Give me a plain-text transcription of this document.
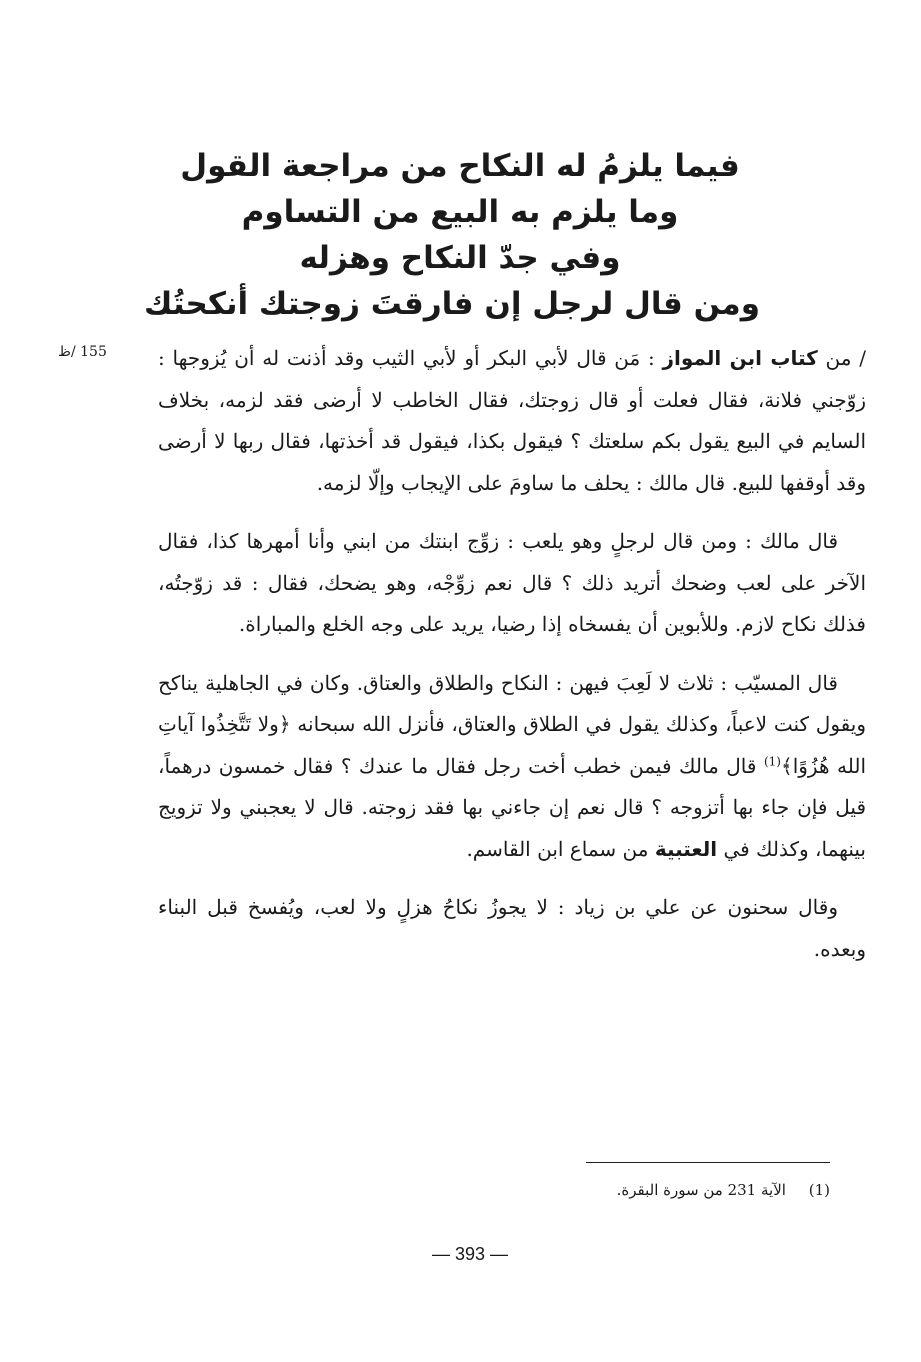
فيما يلزمُ له النكاح من مراجعة القول
وما يلزم به البيع من التساوم
وفي جدّ النكاح وهزله
ومن قال لرجل إن فارقتَ زوجتك أنكحتُك
155 /ظ	/ من كتاب ابن المواز : مَن قال لأبي البكر أو لأبي الثيب وقد أذنت له أن يُزوجها : زوّجني فلانة، فقال فعلت أو قال زوجتك، فقال الخاطب لا أرضى فقد لزمه، بخلاف السايم في البيع يقول بكم سلعتك ؟ فيقول بكذا، فيقول قد أخذتها، فقال ربها لا أرضى وقد أوقفها للبيع. قال مالك : يحلف ما ساومَ على الإيجاب وإلّا لزمه.

قال مالك : ومن قال لرجلٍ وهو يلعب : زوِّج ابنتك من ابني وأنا أمهرها كذا، فقال الآخر على لعب وضحك أتريد ذلك ؟ قال نعم زوِّجْه، وهو يضحك، فقال : قد زوّجتُه، فذلك نكاح لازم. وللأبوين أن يفسخاه إذا رضيا، يريد على وجه الخلع والمباراة.

قال المسيّب : ثلاث لا لَعِبَ فيهن : النكاح والطلاق والعتاق. وكان في الجاهلية يناكح ويقول كنت لاعباً، وكذلك يقول في الطلاق والعتاق، فأنزل الله سبحانه ﴿ولا تَتَّخِذُوا آياتِ الله هُزُوًا﴾$^{(1)}$ قال مالك فيمن خطب أخت رجل فقال ما عندك ؟ فقال خمسون درهماً، قيل فإن جاء بها أتزوجه ؟ قال نعم إن جاءني بها فقد زوجته. قال لا يعجبني ولا تزويج بينهما، وكذلك في العتبية من سماع ابن القاسم.

وقال سحنون عن علي بن زياد : لا يجوزُ نكاحُ هزلٍ ولا لعب، ويُفسخ قبل البناء وبعده.

(1) الآية 231 من سورة البقرة.
— 393 —
